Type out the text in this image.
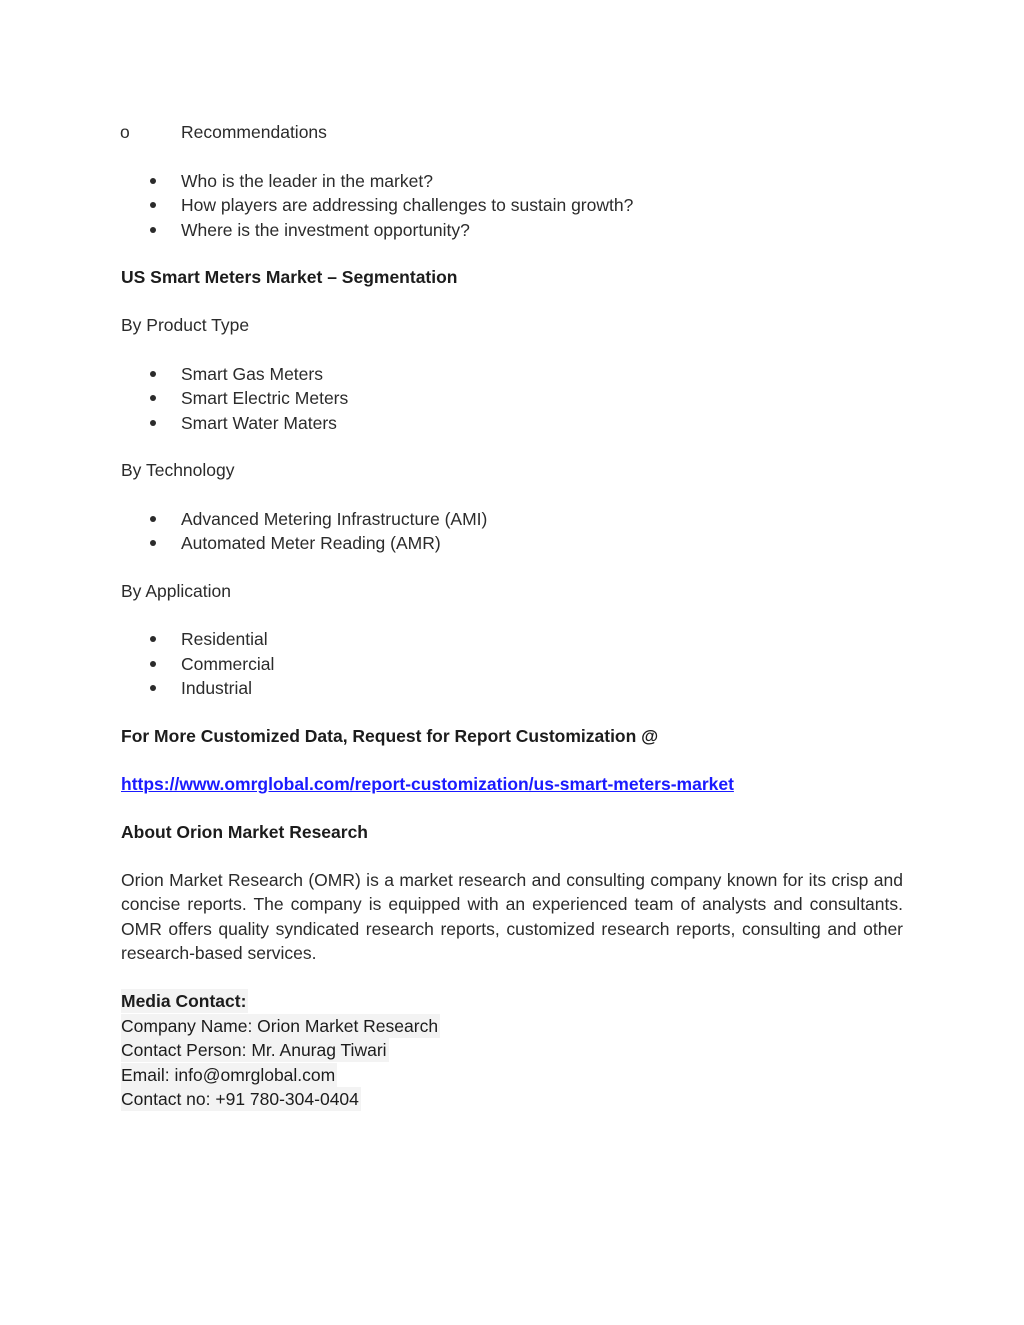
o	Recommendations
Who is the leader in the market?
How players are addressing challenges to sustain growth?
Where is the investment opportunity?
US Smart Meters Market – Segmentation
By Product Type
Smart Gas Meters
Smart Electric Meters
Smart Water Maters
By Technology
Advanced Metering Infrastructure (AMI)
Automated Meter Reading (AMR)
By Application
Residential
Commercial
Industrial
For More Customized Data, Request for Report Customization @
https://www.omrglobal.com/report-customization/us-smart-meters-market
About Orion Market Research
Orion Market Research (OMR) is a market research and consulting company known for its crisp and concise reports. The company is equipped with an experienced team of analysts and consultants. OMR offers quality syndicated research reports, customized research reports, consulting and other research-based services.
Media Contact:
Company Name: Orion Market Research
Contact Person: Mr. Anurag Tiwari
Email: info@omrglobal.com
Contact no: +91 780-304-0404
